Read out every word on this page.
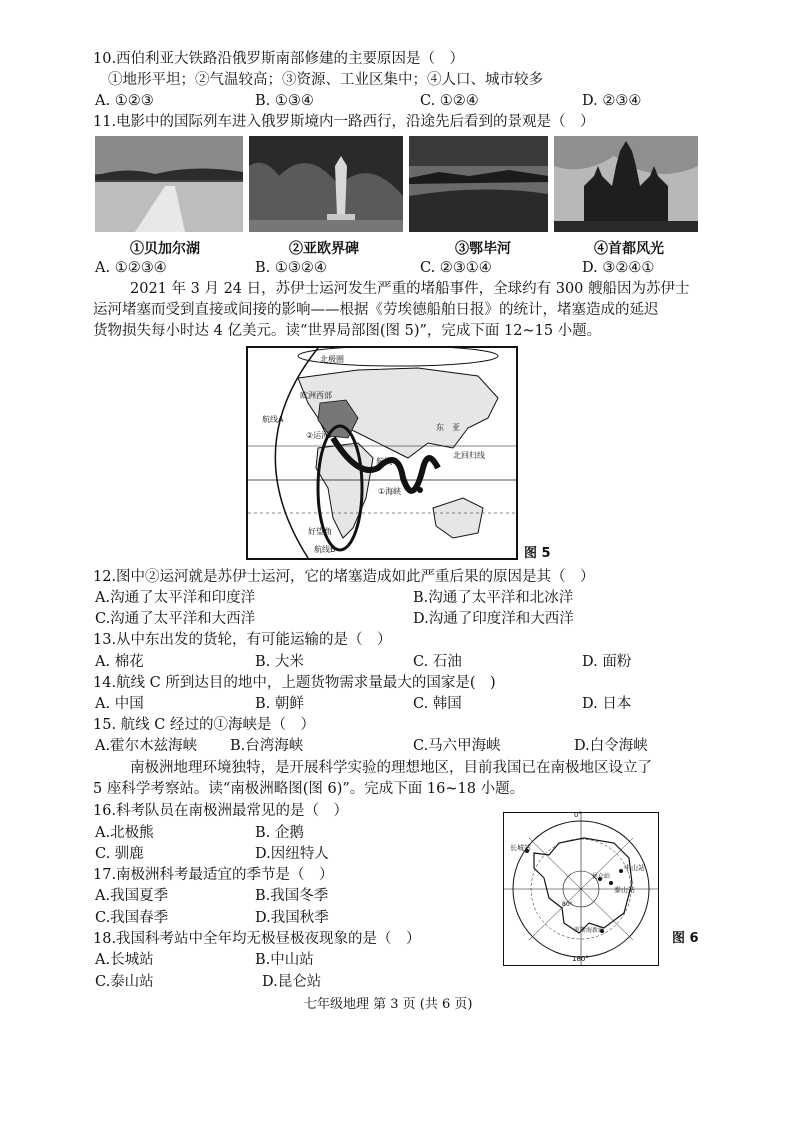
10.西伯利亚大铁路沿俄罗斯南部修建的主要原因是（　）
①地形平坦；②气温较高；③资源、工业区集中；④人口、城市较多
A. ①②③	B. ①③④	C. ①②④	D. ②③④
11.电影中的国际列车进入俄罗斯境内一路西行，沿途先后看到的景观是（　）
①贝加尔湖	②亚欧界碑	③鄂毕河	④首都风光
A. ①②③④	B. ①③②④	C. ②③①④	D. ③②④①
2021 年 3 月 24 日，苏伊士运河发生严重的堵船事件，全球约有 300 艘船因为苏伊士
运河堵塞而受到直接或间接的影响——根据《劳埃德船舶日报》的统计，堵塞造成的延迟
货物损失每小时达 4 亿美元。读“世界局部图(图 5)”，完成下面 12~15 小题。
北极圈
欧洲西部
航线A
②运河
东　亚
航线C
北回归线
①海峡
好望角
航线B	图 5
12.图中②运河就是苏伊士运河，它的堵塞造成如此严重后果的原因是其（　）
A.沟通了太平洋和印度洋	B.沟通了太平洋和北冰洋
C.沟通了太平洋和大西洋	D.沟通了印度洋和大西洋
13.从中东出发的货轮，有可能运输的是（　）
A. 棉花	B. 大米	C. 石油	D. 面粉
14.航线 C 所到达目的地中，上题货物需求量最大的国家是(　)
A. 中国	B. 朝鲜	C. 韩国	D. 日本
15. 航线 C 经过的①海峡是（　）
A.霍尔木兹海峡 B.台湾海峡	C.马六甲海峡	D.白令海峡
南极洲地理环境独特，是开展科学实验的理想地区，目前我国已在南极地区设立了
5 座科学考察站。读“南极洲略图(图 6)”。完成下面 16~18 小题。
0°
180°
80°
长城站
中山站
泰山站
昆仑站
罗斯海新站
图 6
16.科考队员在南极洲最常见的是（　）
A.北极熊	B. 企鹅
C. 驯鹿	D.因纽特人
17.南极洲科考最适宜的季节是（　）
A.我国夏季	B.我国冬季
C.我国春季	D.我国秋季
18.我国科考站中全年均无极昼极夜现象的是（　）
A.长城站	B.中山站
C.泰山站	D.昆仑站
七年级地理 第 3 页 (共 6 页)
